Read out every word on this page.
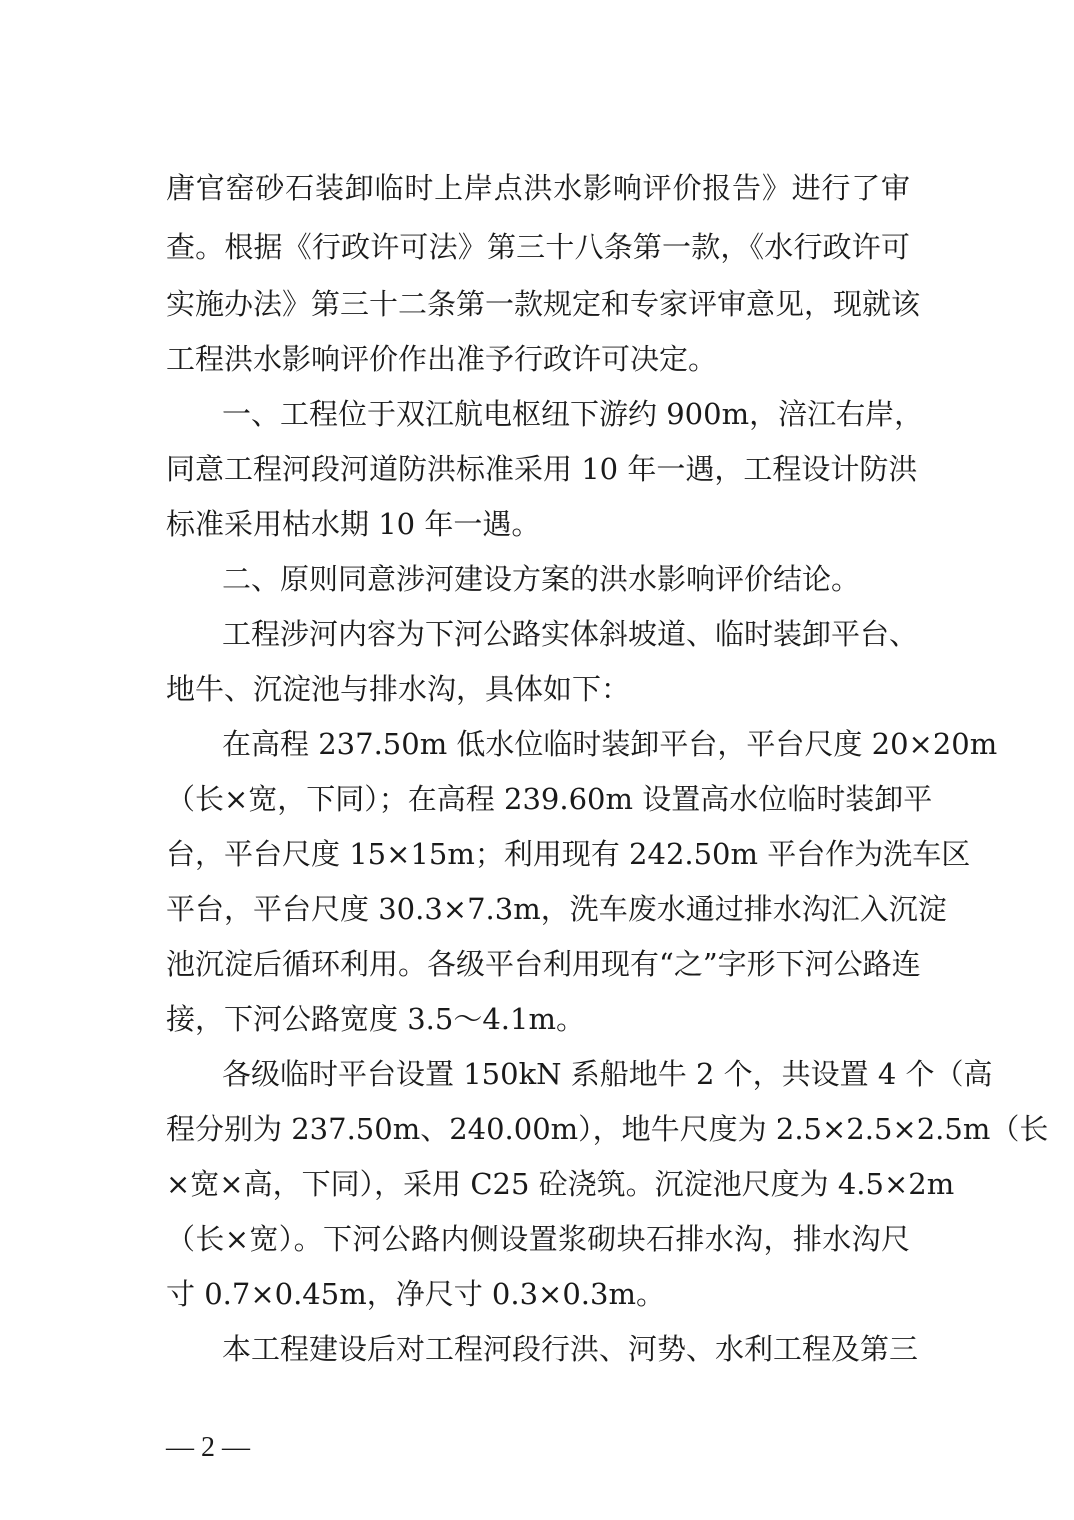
唐官窑砂石装卸临时上岸点洪水影响评价报告》进行了审
查。根据《行政许可法》第三十八条第一款，《水行政许可
实施办法》第三十二条第一款规定和专家评审意见，现就该
工程洪水影响评价作出准予行政许可决定。
一、工程位于双江航电枢纽下游约 900m，涪江右岸，
同意工程河段河道防洪标准采用 10 年一遇，工程设计防洪
标准采用枯水期 10 年一遇。
二、原则同意涉河建设方案的洪水影响评价结论。
工程涉河内容为下河公路实体斜坡道、临时装卸平台、
地牛、沉淀池与排水沟，具体如下：
在高程 237.50m 低水位临时装卸平台，平台尺度 20×20m
（长×宽，下同）；在高程 239.60m 设置高水位临时装卸平
台，平台尺度 15×15m；利用现有 242.50m 平台作为洗车区
平台，平台尺度 30.3×7.3m，洗车废水通过排水沟汇入沉淀
池沉淀后循环利用。各级平台利用现有“之”字形下河公路连
接，下河公路宽度 3.5～4.1m。
各级临时平台设置 150kN 系船地牛 2 个，共设置 4 个（高
程分别为 237.50m、240.00m），地牛尺度为 2.5×2.5×2.5m（长
×宽×高，下同），采用 C25 砼浇筑。沉淀池尺度为 4.5×2m
（长×宽）。下河公路内侧设置浆砌块石排水沟，排水沟尺
寸 0.7×0.45m，净尺寸 0.3×0.3m。
本工程建设后对工程河段行洪、河势、水利工程及第三
— 2 —
